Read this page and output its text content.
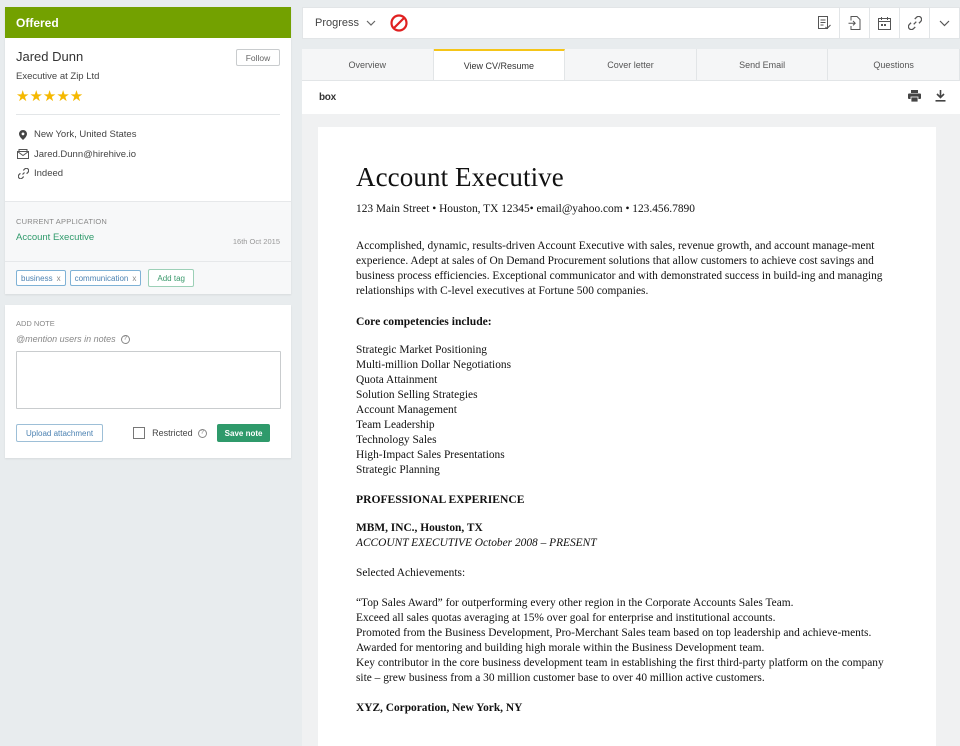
Offered
Jared Dunn
Executive at Zip Ltd
★★★★★
Follow
New York, United States
Jared.Dunn@hirehive.io
Indeed
CURRENT APPLICATION
Account Executive	16th Oct 2015
business x communication x	Add tag
ADD NOTE
@mention users in notes	?
Upload attachment	Restricted	?	Save note
Progress
Overview	View CV/Resume	Cover letter	Send Email	Questions
box
Account Executive
123 Main Street • Houston, TX 12345• email@yahoo.com • 123.456.7890
Accomplished, dynamic, results-driven Account Executive with sales, revenue growth, and account manage-ment experience. Adept at sales of On Demand Procurement solutions that allow customers to achieve cost savings and business process efficiencies. Exceptional communicator and with demonstrated success in build-ing and managing relationships with C-level executives at Fortune 500 companies.
Core competencies include:
Strategic Market Positioning
Multi-million Dollar Negotiations
Quota Attainment
Solution Selling Strategies
Account Management
Team Leadership
Technology Sales
High-Impact Sales Presentations
Strategic Planning
PROFESSIONAL EXPERIENCE
MBM, INC., Houston, TX
ACCOUNT EXECUTIVE October 2008 – PRESENT
Selected Achievements:
“Top Sales Award” for outperforming every other region in the Corporate Accounts Sales Team.
Exceed all sales quotas averaging at 15% over goal for enterprise and institutional accounts.
Promoted from the Business Development, Pro-Merchant Sales team based on top leadership and achieve-ments.
Awarded for mentoring and building high morale within the Business Development team.
Key contributor in the core business development team in establishing the first third-party platform on the company site – grew business from a 30 million customer base to over 40 million active customers.
XYZ, Corporation, New York, NY
